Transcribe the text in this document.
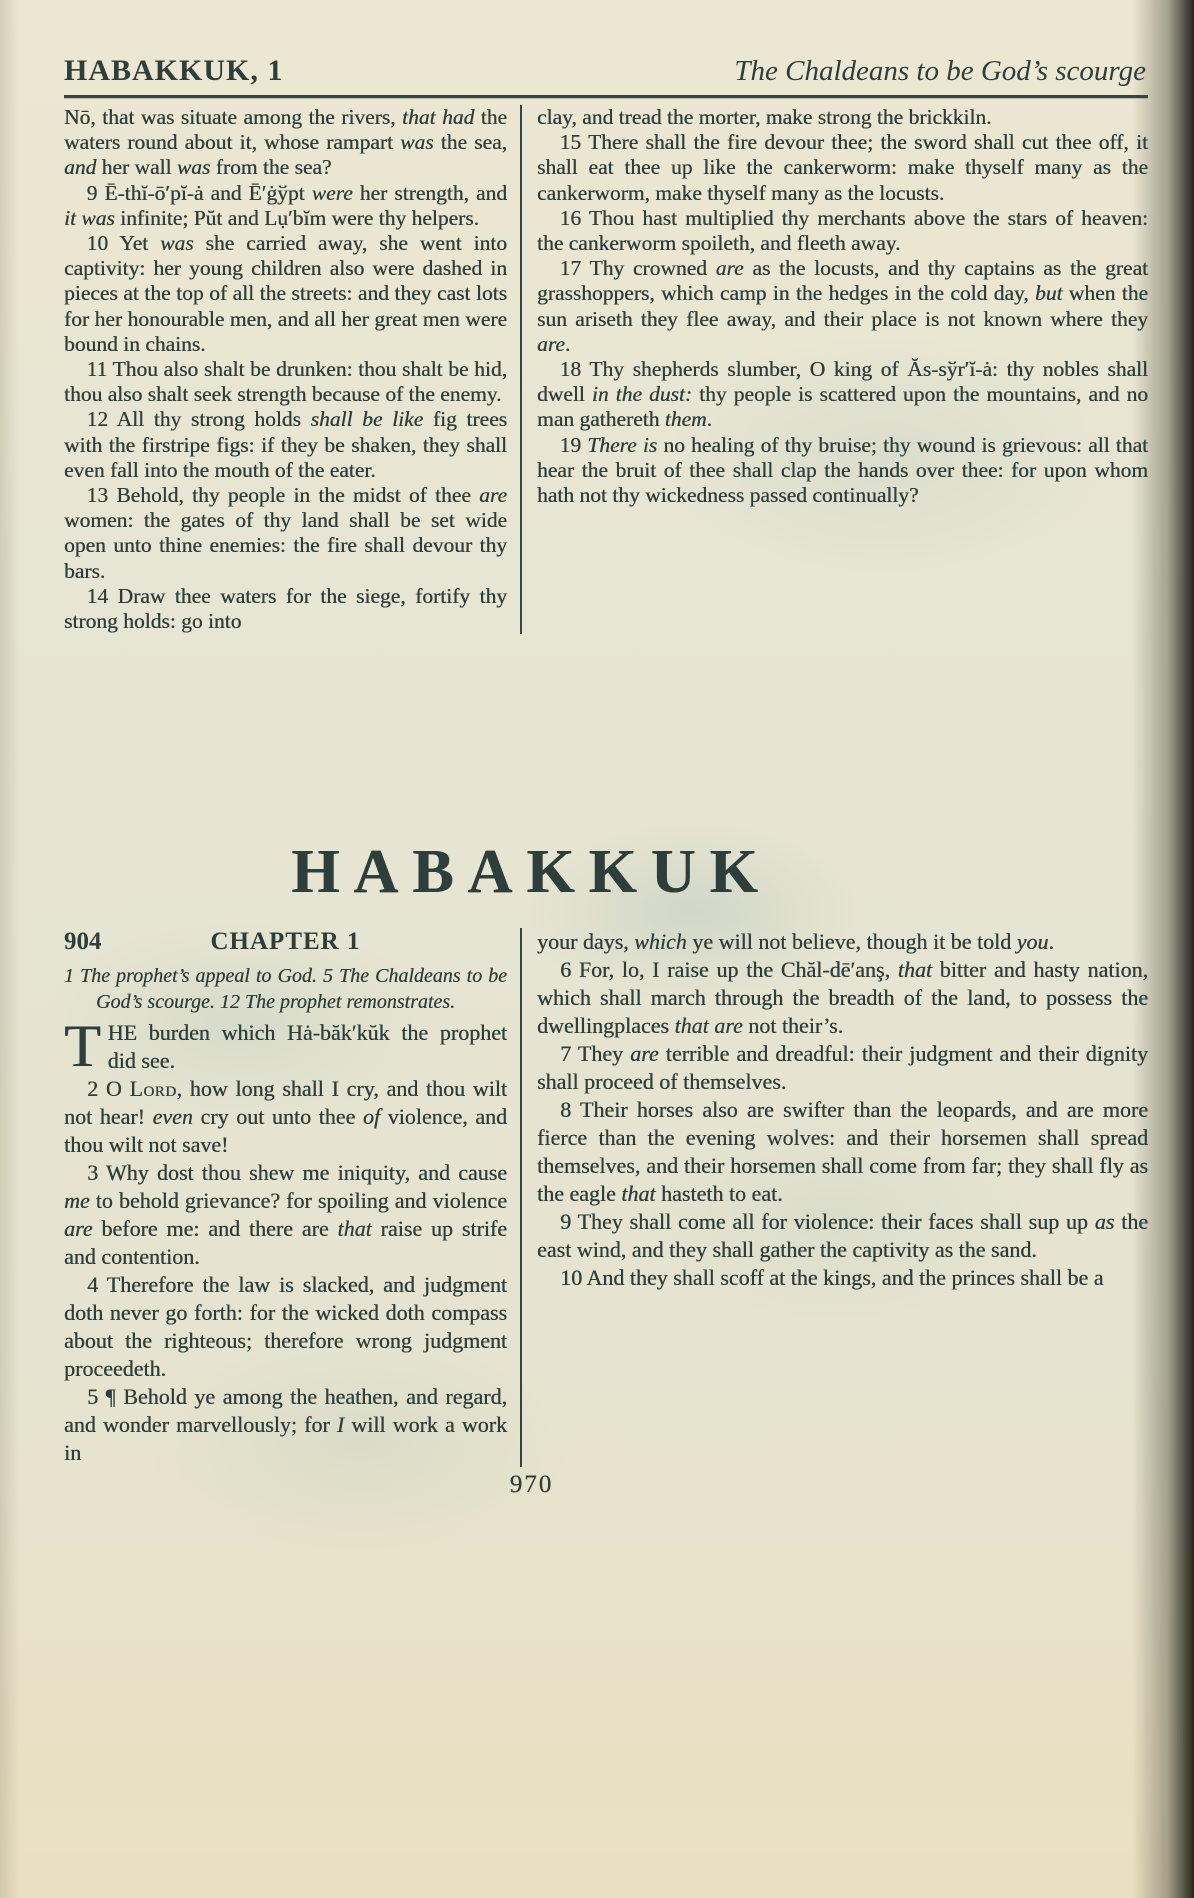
HABAKKUK, 1	The Chaldeans to be God’s scourge

Nō, that was situate among the rivers, that had the waters round about it, whose rampart was the sea, and her wall was from the sea?

9 Ē-thĭ-ō′pĭ-ȧ and Ē′ġўpt were her strength, and it was infinite; Pŭt and Lụ′bĭm were thy helpers.

10 Yet was she carried away, she went into captivity: her young children also were dashed in pieces at the top of all the streets: and they cast lots for her honourable men, and all her great men were bound in chains.

11 Thou also shalt be drunken: thou shalt be hid, thou also shalt seek strength because of the enemy.

12 All thy strong holds shall be like fig trees with the firstripe figs: if they be shaken, they shall even fall into the mouth of the eater.

13 Behold, thy people in the midst of thee are women: the gates of thy land shall be set wide open unto thine enemies: the fire shall devour thy bars.

14 Draw thee waters for the siege, fortify thy strong holds: go into

clay, and tread the morter, make strong the brickkiln.

15 There shall the fire devour thee; the sword shall cut thee off, it shall eat thee up like the cankerworm: make thyself many as the cankerworm, make thyself many as the locusts.

16 Thou hast multiplied thy merchants above the stars of heaven: the cankerworm spoileth, and fleeth away.

17 Thy crowned are as the locusts, and thy captains as the great grasshoppers, which camp in the hedges in the cold day, but when the sun ariseth they flee away, and their place is not known where they are.

18 Thy shepherds slumber, O king of Ăs-sўr′ĭ-ȧ: thy nobles shall dwell in the dust: thy people is scattered upon the mountains, and no man gathereth them.

19 There is no healing of thy bruise; thy wound is grievous: all that hear the bruit of thee shall clap the hands over thee: for upon whom hath not thy wickedness passed continually?

HABAKKUK
904	CHAPTER 1
1 The prophet’s appeal to God. 5 The Chaldeans to be God’s scourge. 12 The prophet remonstrates.

THE burden which Hȧ-băk′kŭk the prophet did see.

2 O Lord, how long shall I cry, and thou wilt not hear! even cry out unto thee of violence, and thou wilt not save!

3 Why dost thou shew me iniquity, and cause me to behold grievance? for spoiling and violence are before me: and there are that raise up strife and contention.

4 Therefore the law is slacked, and judgment doth never go forth: for the wicked doth compass about the righteous; therefore wrong judgment proceedeth.

5 ¶ Behold ye among the heathen, and regard, and wonder marvellously; for I will work a work in

your days, which ye will not believe, though it be told you.

6 For, lo, I raise up the Chăl-dē′anş, that bitter and hasty nation, which shall march through the breadth of the land, to possess the dwellingplaces that are not their’s.

7 They are terrible and dreadful: their judgment and their dignity shall proceed of themselves.

8 Their horses also are swifter than the leopards, and are more fierce than the evening wolves: and their horsemen shall spread themselves, and their horsemen shall come from far; they shall fly as the eagle that hasteth to eat.

9 They shall come all for violence: their faces shall sup up as the east wind, and they shall gather the captivity as the sand.

10 And they shall scoff at the kings, and the princes shall be a

970
